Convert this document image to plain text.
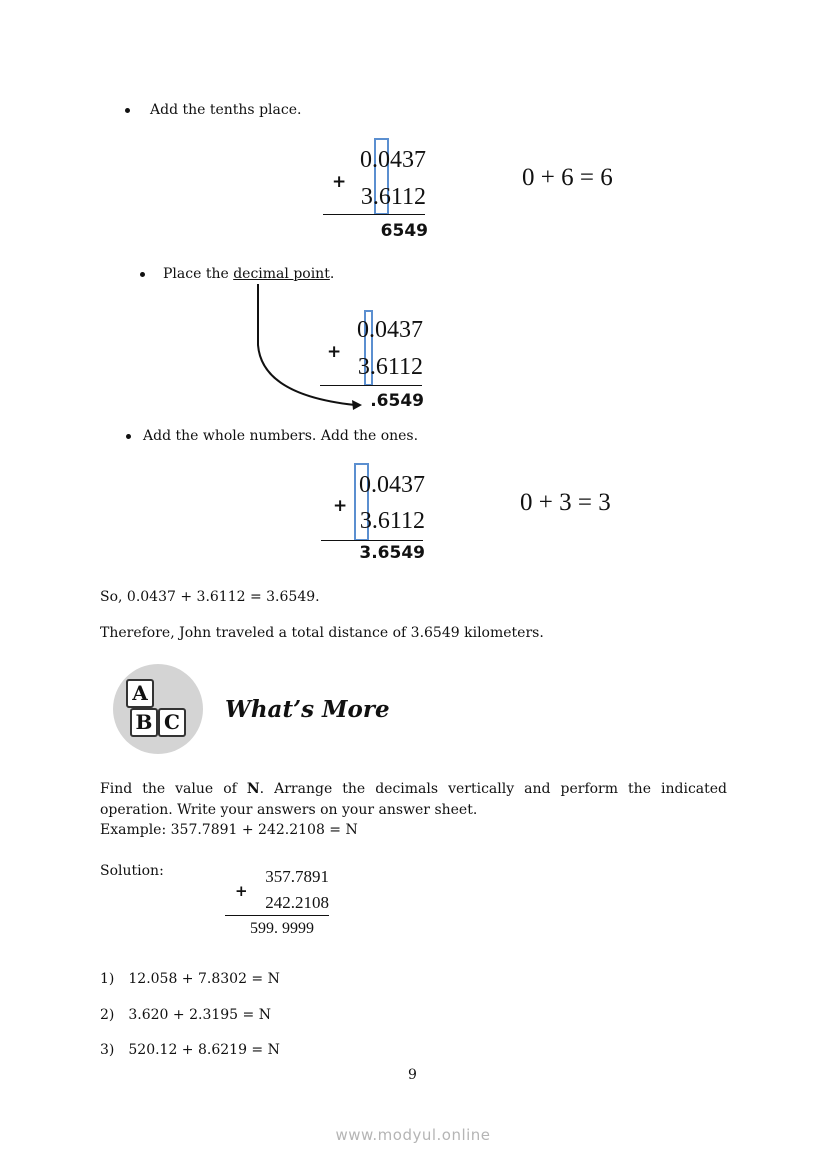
Add the tenths place.
0.0437
+
3.6112
6549
0 + 6 = 6
Place the decimal point.
0.0437
+
3.6112
.6549
Add the whole numbers. Add the ones.
0.0437
+
3.6112
3.6549
0 + 3 = 3
So, 0.0437 + 3.6112 = 3.6549.
Therefore, John traveled a total distance of 3.6549 kilometers.
A
B C What’s More
Find the value of N. Arrange the decimals vertically and perform the indicated operation. Write your answers on your answer sheet.
Example: 357.7891 + 242.2108 = N
Solution:	357.7891
+
242.2108
599. 9999
1) 12.058 + 7.8302 = N
2) 3.620 + 2.3195 = N
3) 520.12 + 8.6219 = N
9
www.modyul.online
